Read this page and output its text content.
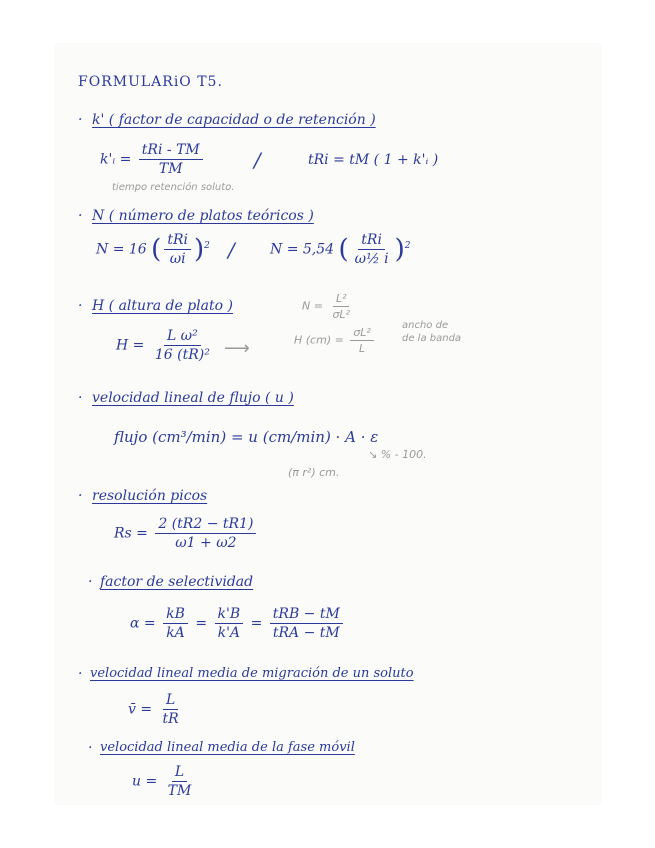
FORMULARiO T5.
· k' ( factor de capacidad o de retención )
k'ᵢ = $\frac{\text{tRi - TM}}{TM}$	/	tRi = tM ( 1 + k'ᵢ )
tiempo retención soluto.
· N ( número de platos teóricos )
N = 16 ( $\frac{\text{tRi}}{\omega i} )^2$ /	N = 5,54 ( $\frac{\text{tRi}}{\text{ω½ i}} )^2$
· H ( altura de plato )	$N = \frac{\text{L²}}{\text{σL²}}$
$H = \frac{\text{L ω²}}{\text{16 (tR)²}}$ ⟶	H $(cm) = \frac{\text{σL²}}{L}$
ancho de
de la banda
· velocidad lineal de flujo ( u )
flujo (cm³/min) = u (cm/min) · A · ε
(π r²) cm.
↘ % - 100.
· resolución picos
$Rs = \frac{2 (tR2 - tR1)}{\omega 1 + \omega 2}$
· factor de selectividad
$\alpha = \frac{kB}{kA} = \frac{k'B}{k'A} = \frac{\text{tRB − tM}}{\text{tRA − tM}}$
· velocidad lineal media de migración de un soluto
v̄ = $\frac{L}{tR}$
· velocidad lineal media de la fase móvil
$u = \frac{L}{TM}$
